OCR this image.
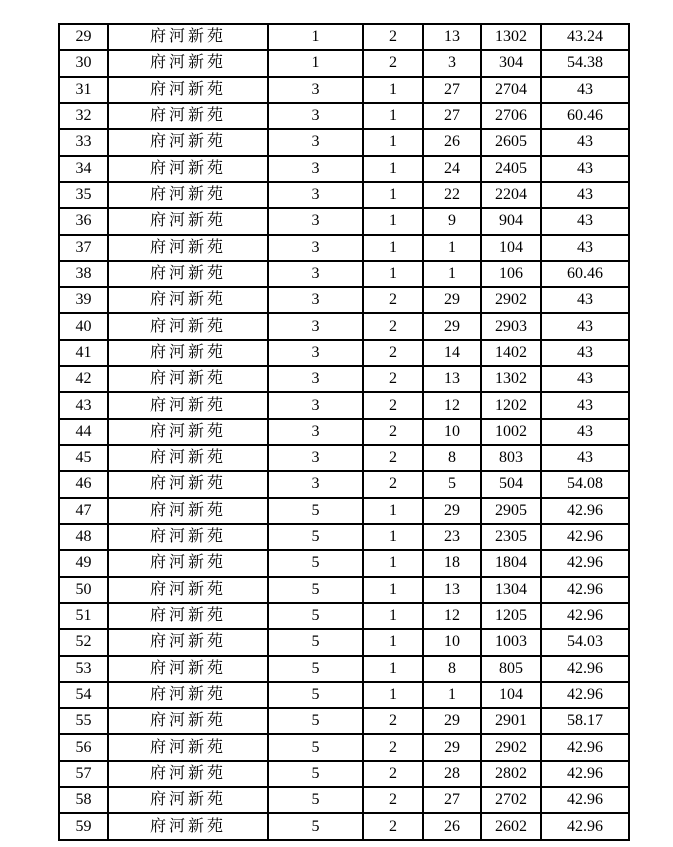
29	府河新苑	1	2	13	1302	43.24
30	府河新苑	1	2	3	304	54.38
31	府河新苑	3	1	27	2704	43
32	府河新苑	3	1	27	2706	60.46
33	府河新苑	3	1	26	2605	43
34	府河新苑	3	1	24	2405	43
35	府河新苑	3	1	22	2204	43
36	府河新苑	3	1	9	904	43
37	府河新苑	3	1	1	104	43
38	府河新苑	3	1	1	106	60.46
39	府河新苑	3	2	29	2902	43
40	府河新苑	3	2	29	2903	43
41	府河新苑	3	2	14	1402	43
42	府河新苑	3	2	13	1302	43
43	府河新苑	3	2	12	1202	43
44	府河新苑	3	2	10	1002	43
45	府河新苑	3	2	8	803	43
46	府河新苑	3	2	5	504	54.08
47	府河新苑	5	1	29	2905	42.96
48	府河新苑	5	1	23	2305	42.96
49	府河新苑	5	1	18	1804	42.96
50	府河新苑	5	1	13	1304	42.96
51	府河新苑	5	1	12	1205	42.96
52	府河新苑	5	1	10	1003	54.03
53	府河新苑	5	1	8	805	42.96
54	府河新苑	5	1	1	104	42.96
55	府河新苑	5	2	29	2901	58.17
56	府河新苑	5	2	29	2902	42.96
57	府河新苑	5	2	28	2802	42.96
58	府河新苑	5	2	27	2702	42.96
59	府河新苑	5	2	26	2602	42.96
